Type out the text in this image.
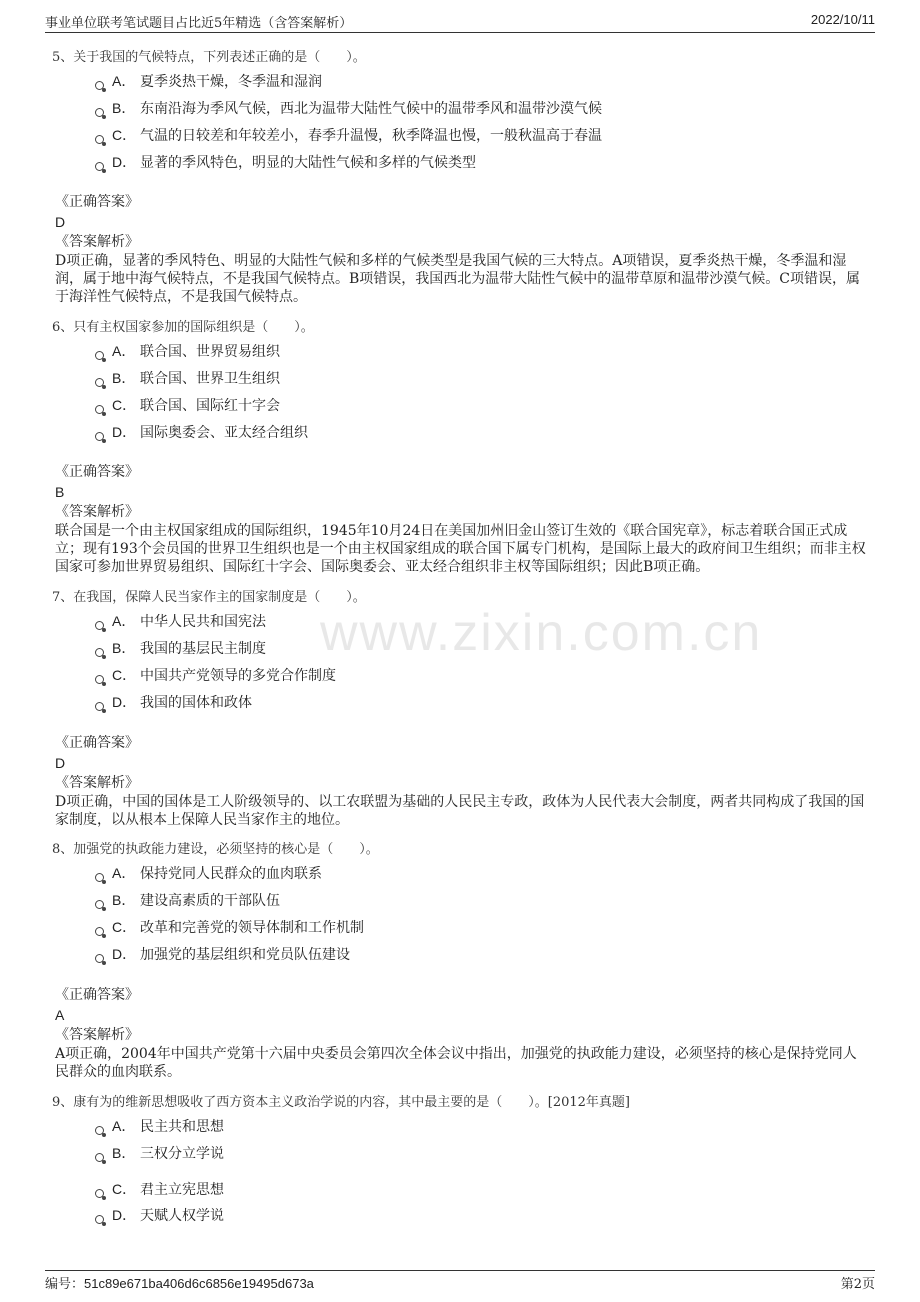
事业单位联考笔试题目占比近5年精选（含答案解析）	2022/10/11
www.zixin.com.cn
5、关于我国的气候特点，下列表述正确的是（　　）。
A． 夏季炎热干燥，冬季温和湿润
B． 东南沿海为季风气候，西北为温带大陆性气候中的温带季风和温带沙漠气候
C． 气温的日较差和年较差小，春季升温慢，秋季降温也慢，一般秋温高于春温
D． 显著的季风特色，明显的大陆性气候和多样的气候类型
《正确答案》
D
《答案解析》
D项正确，显著的季风特色、明显的大陆性气候和多样的气候类型是我国气候的三大特点。A项错误，夏季炎热干燥，冬季温和湿润，属于地中海气候特点，不是我国气候特点。B项错误，我国西北为温带大陆性气候中的温带草原和温带沙漠气候。C项错误，属于海洋性气候特点，不是我国气候特点。
6、只有主权国家参加的国际组织是（　　）。
A． 联合国、世界贸易组织
B． 联合国、世界卫生组织
C． 联合国、国际红十字会
D． 国际奥委会、亚太经合组织
《正确答案》
B
《答案解析》
联合国是一个由主权国家组成的国际组织，1945年10月24日在美国加州旧金山签订生效的《联合国宪章》，标志着联合国正式成立；现有193个会员国的世界卫生组织也是一个由主权国家组成的联合国下属专门机构，是国际上最大的政府间卫生组织；而非主权国家可参加世界贸易组织、国际红十字会、国际奥委会、亚太经合组织非主权等国际组织；因此B项正确。
7、在我国，保障人民当家作主的国家制度是（　　）。
A． 中华人民共和国宪法
B． 我国的基层民主制度
C． 中国共产党领导的多党合作制度
D． 我国的国体和政体
《正确答案》
D
《答案解析》
D项正确，中国的国体是工人阶级领导的、以工农联盟为基础的人民民主专政，政体为人民代表大会制度，两者共同构成了我国的国家制度，以从根本上保障人民当家作主的地位。
8、加强党的执政能力建设，必须坚持的核心是（　　）。
A． 保持党同人民群众的血肉联系
B． 建设高素质的干部队伍
C． 改革和完善党的领导体制和工作机制
D． 加强党的基层组织和党员队伍建设
《正确答案》
A
《答案解析》
A项正确，2004年中国共产党第十六届中央委员会第四次全体会议中指出，加强党的执政能力建设，必须坚持的核心是保持党同人民群众的血肉联系。
9、康有为的维新思想吸收了西方资本主义政治学说的内容，其中最主要的是（　　）。[2012年真题]
A． 民主共和思想
B． 三权分立学说
C． 君主立宪思想
D． 天赋人权学说
编号：51c89e671ba406d6c6856e19495d673a	第2页
